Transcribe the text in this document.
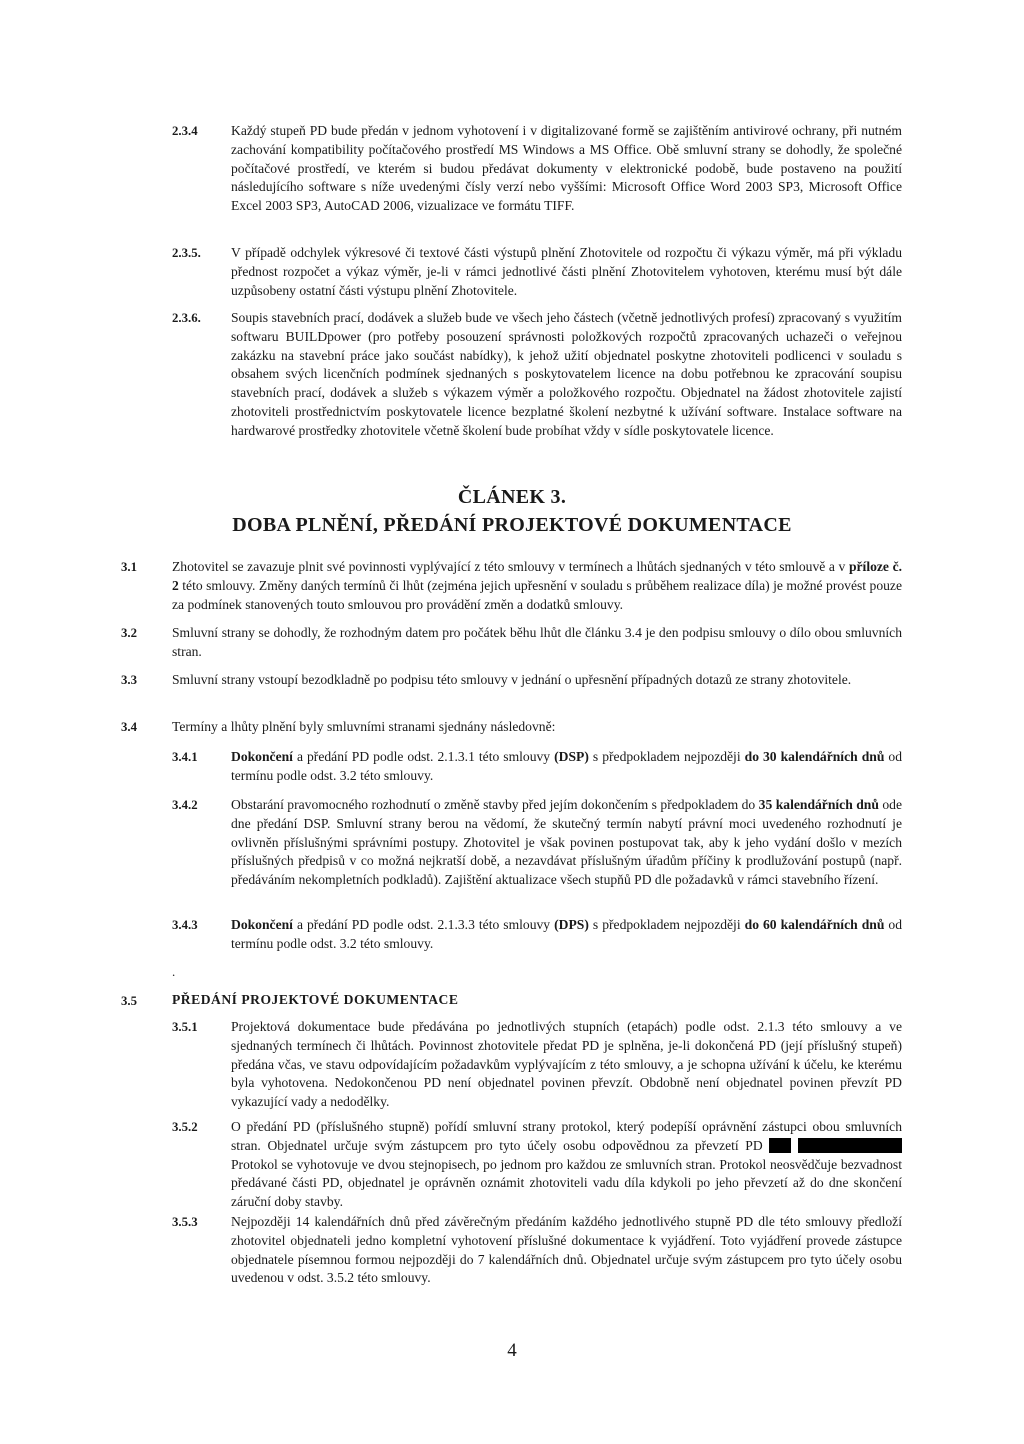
2.3.4	Každý stupeň PD bude předán v jednom vyhotovení i v digitalizované formě se zajištěním antivirové ochrany, při nutném zachování kompatibility počítačového prostředí MS Windows a MS Office. Obě smluvní strany se dohodly, že společné počítačové prostředí, ve kterém si budou předávat dokumenty v elektronické podobě, bude postaveno na použití následujícího software s níže uvedenými čísly verzí nebo vyššími: Microsoft Office Word 2003 SP3, Microsoft Office Excel 2003 SP3, AutoCAD 2006, vizualizace ve formátu TIFF.
2.3.5.	V případě odchylek výkresové či textové části výstupů plnění Zhotovitele od rozpočtu či výkazu výměr, má při výkladu přednost rozpočet a výkaz výměr, je-li v rámci jednotlivé části plnění Zhotovitelem vyhotoven, kterému musí být dále uzpůsobeny ostatní části výstupu plnění Zhotovitele.
2.3.6.	Soupis stavebních prací, dodávek a služeb bude ve všech jeho částech (včetně jednotlivých profesí) zpracovaný s využitím softwaru BUILDpower (pro potřeby posouzení správnosti položkových rozpočtů zpracovaných uchazeči o veřejnou zakázku na stavební práce jako součást nabídky), k jehož užití objednatel poskytne zhotoviteli podlicenci v souladu s obsahem svých licenčních podmínek sjednaných s poskytovatelem licence na dobu potřebnou ke zpracování soupisu stavebních prací, dodávek a služeb s výkazem výměr a položkového rozpočtu. Objednatel na žádost zhotovitele zajistí zhotoviteli prostřednictvím poskytovatele licence bezplatné školení nezbytné k užívání software. Instalace software na hardwarové prostředky zhotovitele včetně školení bude probíhat vždy v sídle poskytovatele licence.
ČLÁNEK 3.
DOBA PLNĚNÍ, PŘEDÁNÍ PROJEKTOVÉ DOKUMENTACE
3.1	Zhotovitel se zavazuje plnit své povinnosti vyplývající z této smlouvy v termínech a lhůtách sjednaných v této smlouvě a v příloze č. 2 této smlouvy. Změny daných termínů či lhůt (zejména jejich upřesnění v souladu s průběhem realizace díla) je možné provést pouze za podmínek stanovených touto smlouvou pro provádění změn a dodatků smlouvy.
3.2	Smluvní strany se dohodly, že rozhodným datem pro počátek běhu lhůt dle článku 3.4 je den podpisu smlouvy o dílo obou smluvních stran.
3.3	Smluvní strany vstoupí bezodkladně po podpisu této smlouvy v jednání o upřesnění případných dotazů ze strany zhotovitele.
3.4	Termíny a lhůty plnění byly smluvními stranami sjednány následovně:
3.4.1	Dokončení a předání PD podle odst. 2.1.3.1 této smlouvy (DSP) s předpokladem nejpozději do 30 kalendářních dnů od termínu podle odst. 3.2 této smlouvy.
3.4.2	Obstarání pravomocného rozhodnutí o změně stavby před jejím dokončením s předpokladem do 35 kalendářních dnů ode dne předání DSP. Smluvní strany berou na vědomí, že skutečný termín nabytí právní moci uvedeného rozhodnutí je ovlivněn příslušnými správními postupy. Zhotovitel je však povinen postupovat tak, aby k jeho vydání došlo v mezích příslušných předpisů v co možná nejkratší době, a nezavdávat příslušným úřadům příčiny k prodlužování postupů (např. předáváním nekompletních podkladů). Zajištění aktualizace všech stupňů PD dle požadavků v rámci stavebního řízení.
3.4.3	Dokončení a předání PD podle odst. 2.1.3.3 této smlouvy (DPS) s předpokladem nejpozději do 60 kalendářních dnů od termínu podle odst. 3.2 této smlouvy.
.
3.5	PŘEDÁNÍ PROJEKTOVÉ DOKUMENTACE
3.5.1	Projektová dokumentace bude předávána po jednotlivých stupních (etapách) podle odst. 2.1.3 této smlouvy a ve sjednaných termínech či lhůtách. Povinnost zhotovitele předat PD je splněna, je-li dokončená PD (její příslušný stupeň) předána včas, ve stavu odpovídajícím požadavkům vyplývajícím z této smlouvy, a je schopna užívání k účelu, ke kterému byla vyhotovena. Nedokončenou PD není objednatel povinen převzít. Obdobně není objednatel povinen převzít PD vykazující vady a nedodělky.
3.5.2	O předání PD (příslušného stupně) pořídí smluvní strany protokol, který podepíší oprávnění zástupci obou smluvních stran. Objednatel určuje svým zástupcem pro tyto účely osobu odpovědnou za převzetí PD   Protokol se vyhotovuje ve dvou stejnopisech, po jednom pro každou ze smluvních stran. Protokol neosvědčuje bezvadnost předávané části PD, objednatel je oprávněn oznámit zhotoviteli vadu díla kdykoli po jeho převzetí až do dne skončení záruční doby stavby.
3.5.3	Nejpozději 14 kalendářních dnů před závěrečným předáním každého jednotlivého stupně PD dle této smlouvy předloží zhotovitel objednateli jedno kompletní vyhotovení příslušné dokumentace k vyjádření. Toto vyjádření provede zástupce objednatele písemnou formou nejpozději do 7 kalendářních dnů. Objednatel určuje svým zástupcem pro tyto účely osobu uvedenou v odst. 3.5.2 této smlouvy.
4
